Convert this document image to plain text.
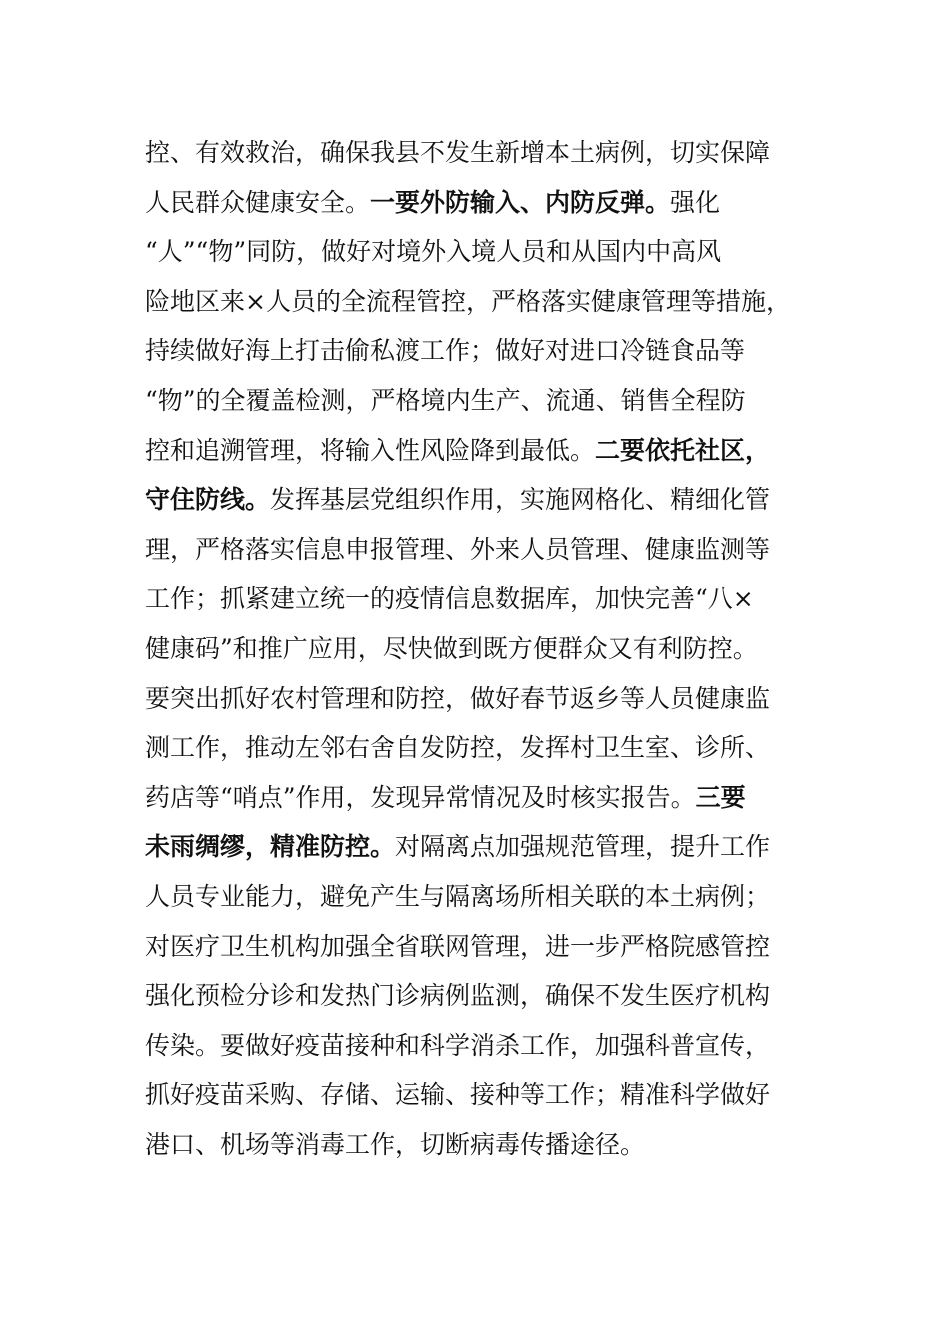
控、有效救治，确保我县不发生新增本土病例，切实保障
人民群众健康安全。一要外防输入、内防反弹。强化
“人”“物”同防，做好对境外入境人员和从国内中高风
险地区来×人员的全流程管控，严格落实健康管理等措施，
持续做好海上打击偷私渡工作；做好对进口冷链食品等
“物”的全覆盖检测，严格境内生产、流通、销售全程防
控和追溯管理，将输入性风险降到最低。二要依托社区，
守住防线。发挥基层党组织作用，实施网格化、精细化管
理，严格落实信息申报管理、外来人员管理、健康监测等
工作；抓紧建立统一的疫情信息数据库，加快完善“八×
健康码”和推广应用，尽快做到既方便群众又有利防控。
要突出抓好农村管理和防控，做好春节返乡等人员健康监
测工作，推动左邻右舍自发防控，发挥村卫生室、诊所、
药店等“哨点”作用，发现异常情况及时核实报告。三要
未雨绸缪，精准防控。对隔离点加强规范管理，提升工作
人员专业能力，避免产生与隔离场所相关联的本土病例；
对医疗卫生机构加强全省联网管理，进一步严格院感管控
强化预检分诊和发热门诊病例监测，确保不发生医疗机构
传染。要做好疫苗接种和科学消杀工作，加强科普宣传，
抓好疫苗采购、存储、运输、接种等工作；精准科学做好
港口、机场等消毒工作，切断病毒传播途径。
